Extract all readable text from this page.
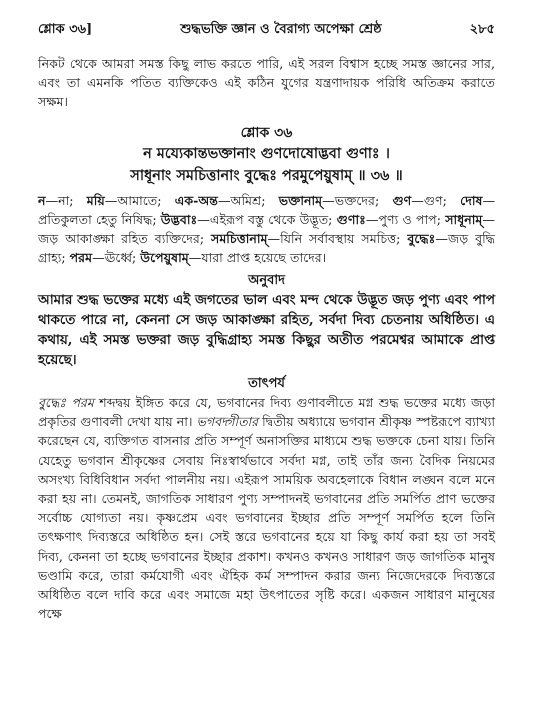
শ্লোক ৩৬]	শুদ্ধভক্তি জ্ঞান ও বৈরাগ্য অপেক্ষা শ্রেষ্ঠ	২৮৫

নিকট থেকে আমরা সমস্ত কিছু লাভ করতে পারি, এই সরল বিশ্বাস হচ্ছে সমস্ত জ্ঞানের সার, এবং তা এমনকি পতিত ব্যক্তিকেও এই কঠিন যুগের যন্ত্রণাদায়ক পরিধি অতিক্রম করাতে সক্ষম।

শ্লোক ৩৬
ন ময্যেকান্তভক্তানাং গুণদোষোদ্ভবা গুণাঃ ।
সাধূনাং সমচিত্তানাং বুদ্ধেঃ পরমুপেয়ুষাম্ ॥ ৩৬ ॥
ন—না; ময়ি—আমাতে; এক-অন্ত—অমিশ্র; ভক্তানাম্—ভক্তদের; গুণ—গুণ; দোষ—প্রতিকুলতা হেতু নিষিদ্ধ; উদ্ভবাঃ—এইরূপ বস্তু থেকে উদ্ভূত; গুণাঃ—পুণ্য ও পাপ; সাধূনাম্—জড় আকাঙ্ক্ষা রহিত ব্যক্তিদের; সমচিত্তানাম্—যিনি সর্বাবস্থায় সমচিত্ত; বুদ্ধেঃ—জড় বুদ্ধি গ্রাহ্য; পরম—ঊর্ধ্বে; উপেয়ুষাম্—যারা প্রাপ্ত হয়েছে তাদের।
অনুবাদ

আমার শুদ্ধ ভক্তের মধ্যে এই জগতের ভাল এবং মন্দ থেকে উদ্ভূত জড় পুণ্য এবং পাপ থাকতে পারে না, কেননা সে জড় আকাঙ্ক্ষা রহিত, সর্বদা দিব্য চেতনায় অধিষ্ঠিত। এ কথায়, এই সমস্ত ভক্তরা জড় বুদ্ধিগ্রাহ্য সমস্ত কিছুর অতীত পরমেশ্বর আমাকে প্রাপ্ত হয়েছে।

তাৎপর্য

বুদ্ধেঃ পরম শব্দদ্বয় ইঙ্গিত করে যে, ভগবানের দিব্য গুণাবলীতে মগ্ন শুদ্ধ ভক্তের মধ্যে জড়া প্রকৃতির গুণাবলী দেখা যায় না। ভগবদ্গীতার দ্বিতীয় অধ্যায়ে ভগবান শ্রীকৃষ্ণ স্পষ্টরূপে ব্যাখ্যা করেছেন যে, ব্যক্তিগত বাসনার প্রতি সম্পূর্ণ অনাসক্তির মাধ্যমে শুদ্ধ ভক্তকে চেনা যায়। তিনি যেহেতু ভগবান শ্রীকৃষ্ণের সেবায় নিঃস্বার্থভাবে সর্বদা মগ্ন, তাই তাঁর জন্য বৈদিক নিয়মের অসংখ্য বিধিবিধান সর্বদা পালনীয় নয়। এইরূপ সাময়িক অবহেলাকে বিধান লঙ্ঘন বলে মনে করা হয় না। তেমনই, জাগতিক সাধারণ পুণ্য সম্পাদনই ভগবানের প্রতি সমর্পিত প্রাণ ভক্তের সর্বোচ্চ যোগ্যতা নয়। কৃষ্ণপ্রেম এবং ভগবানের ইচ্ছার প্রতি সম্পূর্ণ সমর্পিত হলে তিনি তৎক্ষণাৎ দিব্যস্তরে অধিষ্ঠিত হন। সেই স্তরে ভগবানের হয়ে যা কিছু কার্য করা হয় তা সবই দিব্য, কেননা তা হচ্ছে ভগবানের ইচ্ছার প্রকাশ। কখনও কখনও সাধারণ জড় জাগতিক মানুষ ভণ্ডামি করে, তারা কর্মযোগী এবং ঐহিক কর্ম সম্পাদন করার জন্য নিজেদেরকে দিব্যস্তরে অধিষ্ঠিত বলে দাবি করে এবং সমাজে মহা উৎপাতের সৃষ্টি করে। একজন সাধারণ মানুষের পক্ষে
